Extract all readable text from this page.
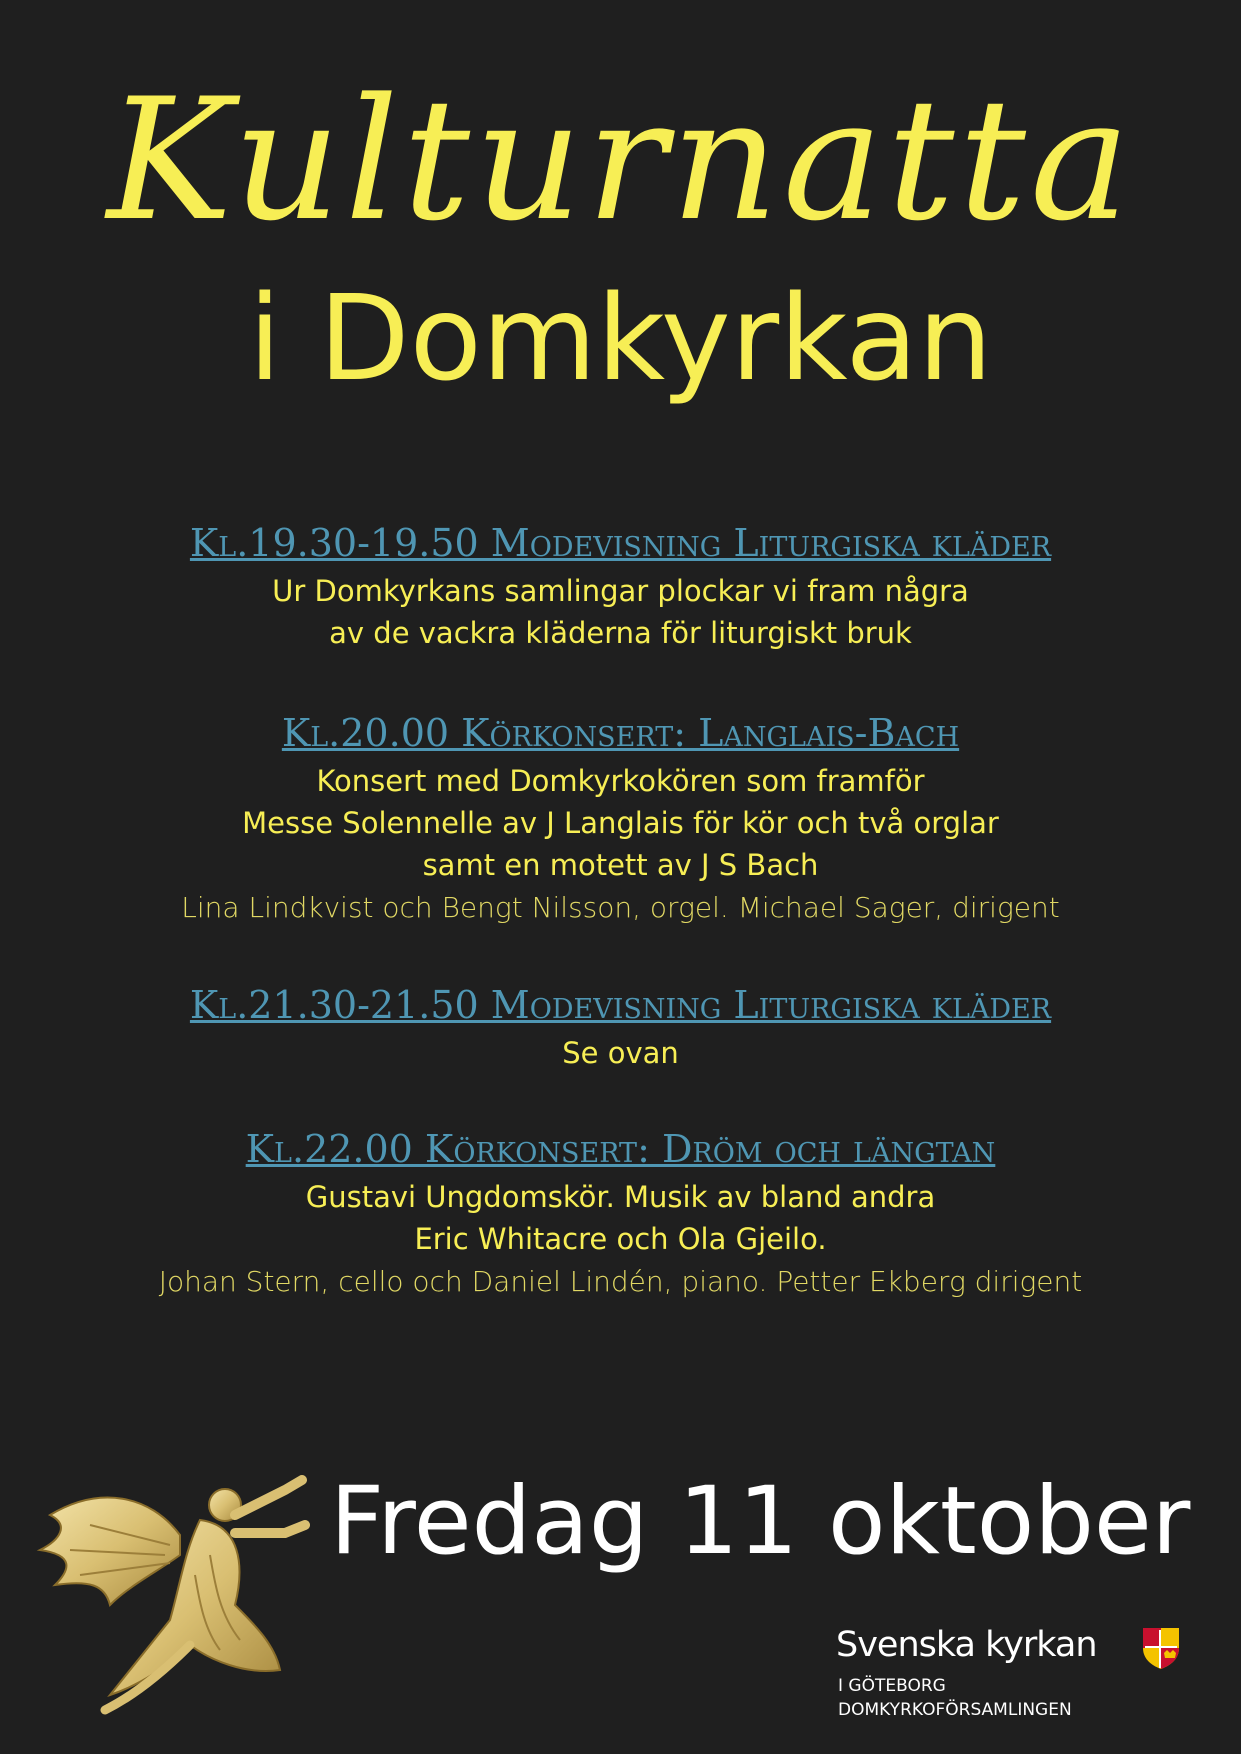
Kulturnatta
i Domkyrkan

Kl.19.30-19.50 Modevisning Liturgiska kläder

Ur Domkyrkans samlingar plockar vi fram några

av de vackra kläderna för liturgiskt bruk

Kl.20.00 Körkonsert: Langlais-Bach

Konsert med Domkyrkokören som framför

Messe Solennelle av J Langlais för kör och två orglar

samt en motett av J S Bach

Lina Lindkvist och Bengt Nilsson, orgel. Michael Sager, dirigent

Kl.21.30-21.50 Modevisning Liturgiska kläder

Se ovan

Kl.22.00 Körkonsert: Dröm och längtan

Gustavi Ungdomskör. Musik av bland andra

Eric Whitacre och Ola Gjeilo.

Johan Stern, cello och Daniel Lindén, piano. Petter Ekberg dirigent

Fredag 11 oktober
Svenska kyrkan
I GÖTEBORG
DOMKYRKOFÖRSAMLINGEN
